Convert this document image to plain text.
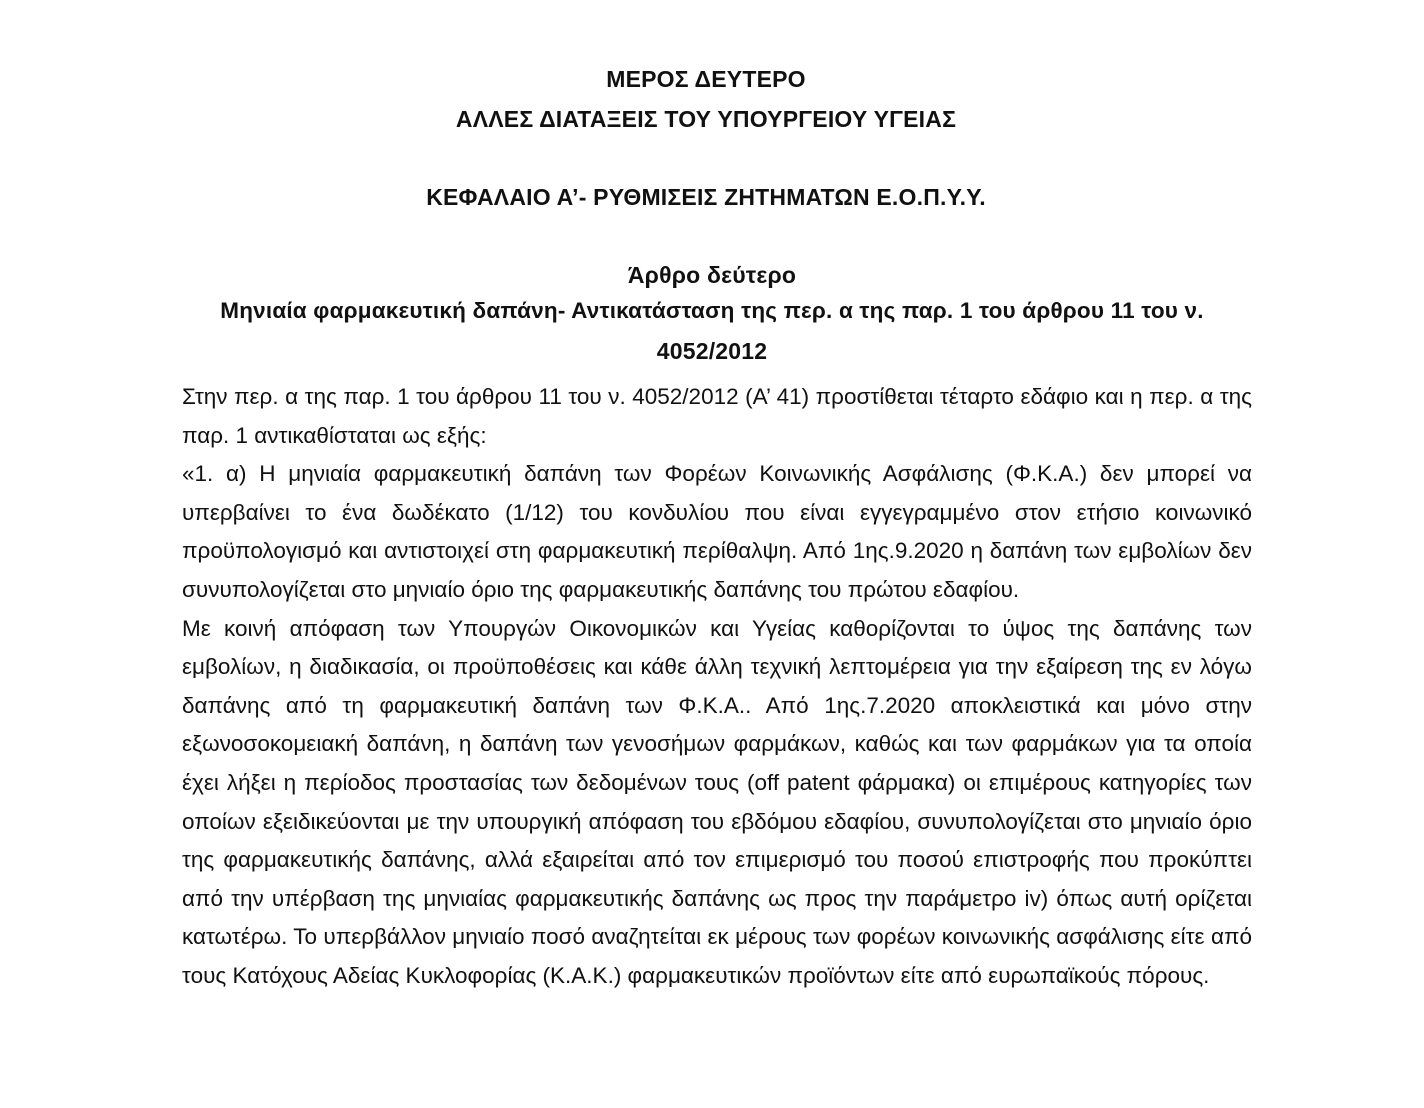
ΜΕΡΟΣ ΔΕΥΤΕΡΟ
ΑΛΛΕΣ ΔΙΑΤΑΞΕΙΣ ΤΟΥ ΥΠΟΥΡΓΕΙΟΥ ΥΓΕΙΑΣ
ΚΕΦΑΛΑΙΟ Α’- ΡΥΘΜΙΣΕΙΣ ΖΗΤΗΜΑΤΩΝ Ε.Ο.Π.Υ.Υ.
Άρθρο δεύτερο
Μηνιαία φαρμακευτική δαπάνη- Αντικατάσταση της περ. α της παρ. 1 του άρθρου 11 του ν.
4052/2012

Στην περ. α της παρ. 1 του άρθρου 11 του ν. 4052/2012 (Α’ 41) προστίθεται τέταρτο εδάφιο και η περ. α της παρ. 1 αντικαθίσταται ως εξής:

«1. α) Η μηνιαία φαρμακευτική δαπάνη των Φορέων Κοινωνικής Ασφάλισης (Φ.Κ.Α.) δεν μπορεί να υπερβαίνει το ένα δωδέκατο (1/12) του κονδυλίου που είναι εγγεγραμμένο στον ετήσιο κοινωνικό προϋπολογισμό και αντιστοιχεί στη φαρμακευτική περίθαλψη. Από 1ης.9.2020 η δαπάνη των εμβολίων δεν συνυπολογίζεται στο μηνιαίο όριο της φαρμακευτικής δαπάνης του πρώτου εδαφίου.

Με κοινή απόφαση των Υπουργών Οικονομικών και Υγείας καθορίζονται το ύψος της δαπάνης των εμβολίων, η διαδικασία, οι προϋποθέσεις και κάθε άλλη τεχνική λεπτομέρεια για την εξαίρεση της εν λόγω δαπάνης από τη φαρμακευτική δαπάνη των Φ.Κ.Α.. Από 1ης.7.2020 αποκλειστικά και μόνο στην εξωνοσοκομειακή δαπάνη, η δαπάνη των γενοσήμων φαρμάκων, καθώς και των φαρμάκων για τα οποία έχει λήξει η περίοδος προστασίας των δεδομένων τους (off patent φάρμακα) οι επιμέρους κατηγορίες των οποίων εξειδικεύονται με την υπουργική απόφαση του εβδόμου εδαφίου, συνυπολογίζεται στο μηνιαίο όριο της φαρμακευτικής δαπάνης, αλλά εξαιρείται από τον επιμερισμό του ποσού επιστροφής που προκύπτει από την υπέρβαση της μηνιαίας φαρμακευτικής δαπάνης ως προς την παράμετρο iv) όπως αυτή ορίζεται κατωτέρω. Το υπερβάλλον μηνιαίο ποσό αναζητείται εκ μέρους των φορέων κοινωνικής ασφάλισης είτε από τους Κατόχους Αδείας Κυκλοφορίας (Κ.Α.Κ.) φαρμακευτικών προϊόντων είτε από ευρωπαϊκούς πόρους.
